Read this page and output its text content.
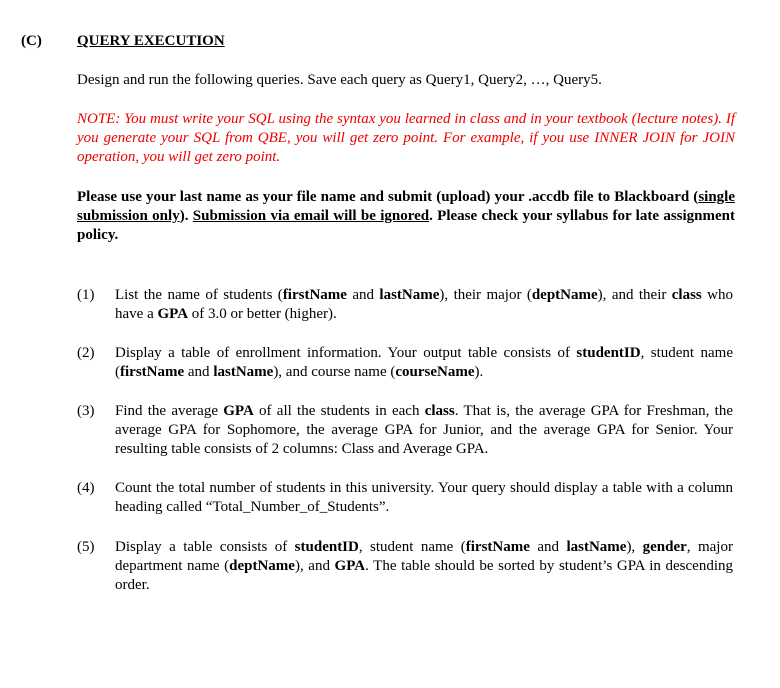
(C) QUERY EXECUTION
Design and run the following queries. Save each query as Query1, Query2, …, Query5.
NOTE: You must write your SQL using the syntax you learned in class and in your textbook (lecture notes). If you generate your SQL from QBE, you will get zero point. For example, if you use INNER JOIN for JOIN operation, you will get zero point.
Please use your last name as your file name and submit (upload) your .accdb file to Blackboard (single submission only). Submission via email will be ignored. Please check your syllabus for late assignment policy.
(1) List the name of students (firstName and lastName), their major (deptName), and their class who have a GPA of 3.0 or better (higher).
(2) Display a table of enrollment information. Your output table consists of studentID, student name (firstName and lastName), and course name (courseName).
(3) Find the average GPA of all the students in each class. That is, the average GPA for Freshman, the average GPA for Sophomore, the average GPA for Junior, and the average GPA for Senior. Your resulting table consists of 2 columns: Class and Average GPA.
(4) Count the total number of students in this university. Your query should display a table with a column heading called “Total_Number_of_Students”.
(5) Display a table consists of studentID, student name (firstName and lastName), gender, major department name (deptName), and GPA. The table should be sorted by student’s GPA in descending order.
